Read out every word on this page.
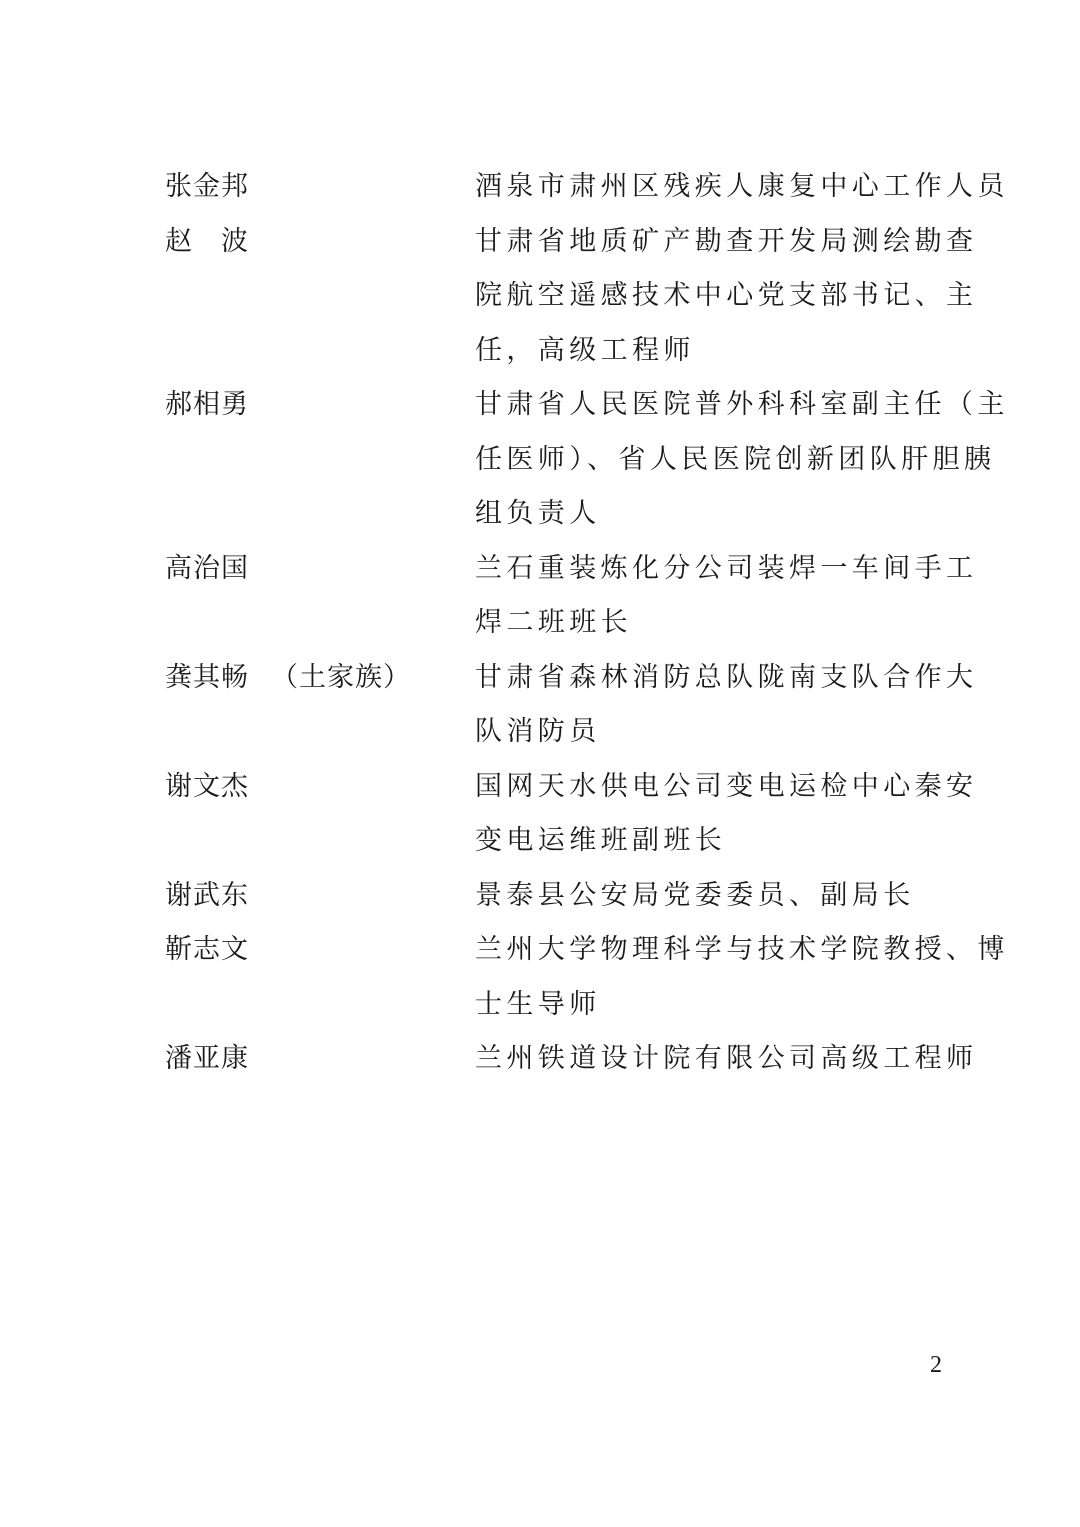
张金邦	酒泉市肃州区残疾人康复中心工作人员
赵　波	甘肃省地质矿产勘查开发局测绘勘查
院航空遥感技术中心党支部书记、主
任，高级工程师
郝相勇	甘肃省人民医院普外科科室副主任（主
任医师）、省人民医院创新团队肝胆胰
组负责人
高治国	兰石重装炼化分公司装焊一车间手工
焊二班班长
龚其畅 （土家族）	甘肃省森林消防总队陇南支队合作大
队消防员
谢文杰	国网天水供电公司变电运检中心秦安
变电运维班副班长
谢武东	景泰县公安局党委委员、副局长
靳志文	兰州大学物理科学与技术学院教授、博
士生导师
潘亚康	兰州铁道设计院有限公司高级工程师
2
